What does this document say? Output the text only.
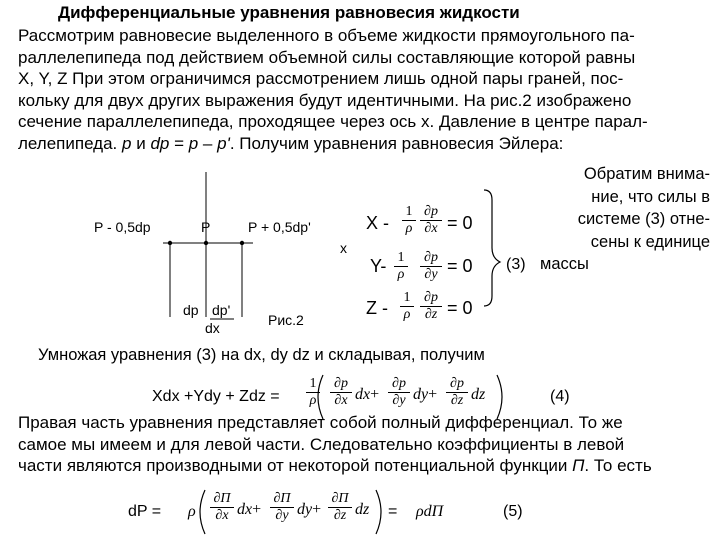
Дифференциальные уравнения равновесия жидкости
Рассмотрим равновесие выделенного в объеме жидкости прямоугольного па-
раллелепипеда под действием объемной силы составляющие которой равны
X, Y, Z При этом ограничимся рассмотрением лишь одной пары граней, пос-
кольку для двух других выражения будут идентичными. На рис.2 изображено
сечение параллелепипеда, проходящее через ось x. Давление в центре парал-
лелепипеда. p и dp = p – p'. Получим уравнения равновесия Эйлера:
P - 0,5dp	P	P + 0,5dp'
x
dp dp'
dx	Рис.2
$X - \frac{1}{\rho} \frac{\partial p}{\partial x} = 0$
$Y- \frac{1}{\rho} \frac{\partial p}{\partial y} = 0$
$Z - \frac{1}{\rho} \frac{\partial p}{\partial z} = 0$
(3)
Обратим внима-
ние, что силы в
системе (3) отне-
сены к единице
массы
Умножая уравнения (3) на dx, dy dz и складывая, получим
Xdx +Ydy + Zdz = $\frac{1}{\rho} \frac{\partial p}{\partial x} dx+ \frac{\partial p}{\partial y} dy+ \frac{\partial p}{\partial z}$ dz	(4)
Правая часть уравнения представляет собой полный дифференциал. То же
самое мы имеем и для левой части. Следовательно коэффициенты в левой
части являются производными от некоторой потенциальной функции П. То есть
dP = ρ
∂П
∂x dx+
∂П
∂y dy+
∂П
∂z dz = ρdП	(5)
